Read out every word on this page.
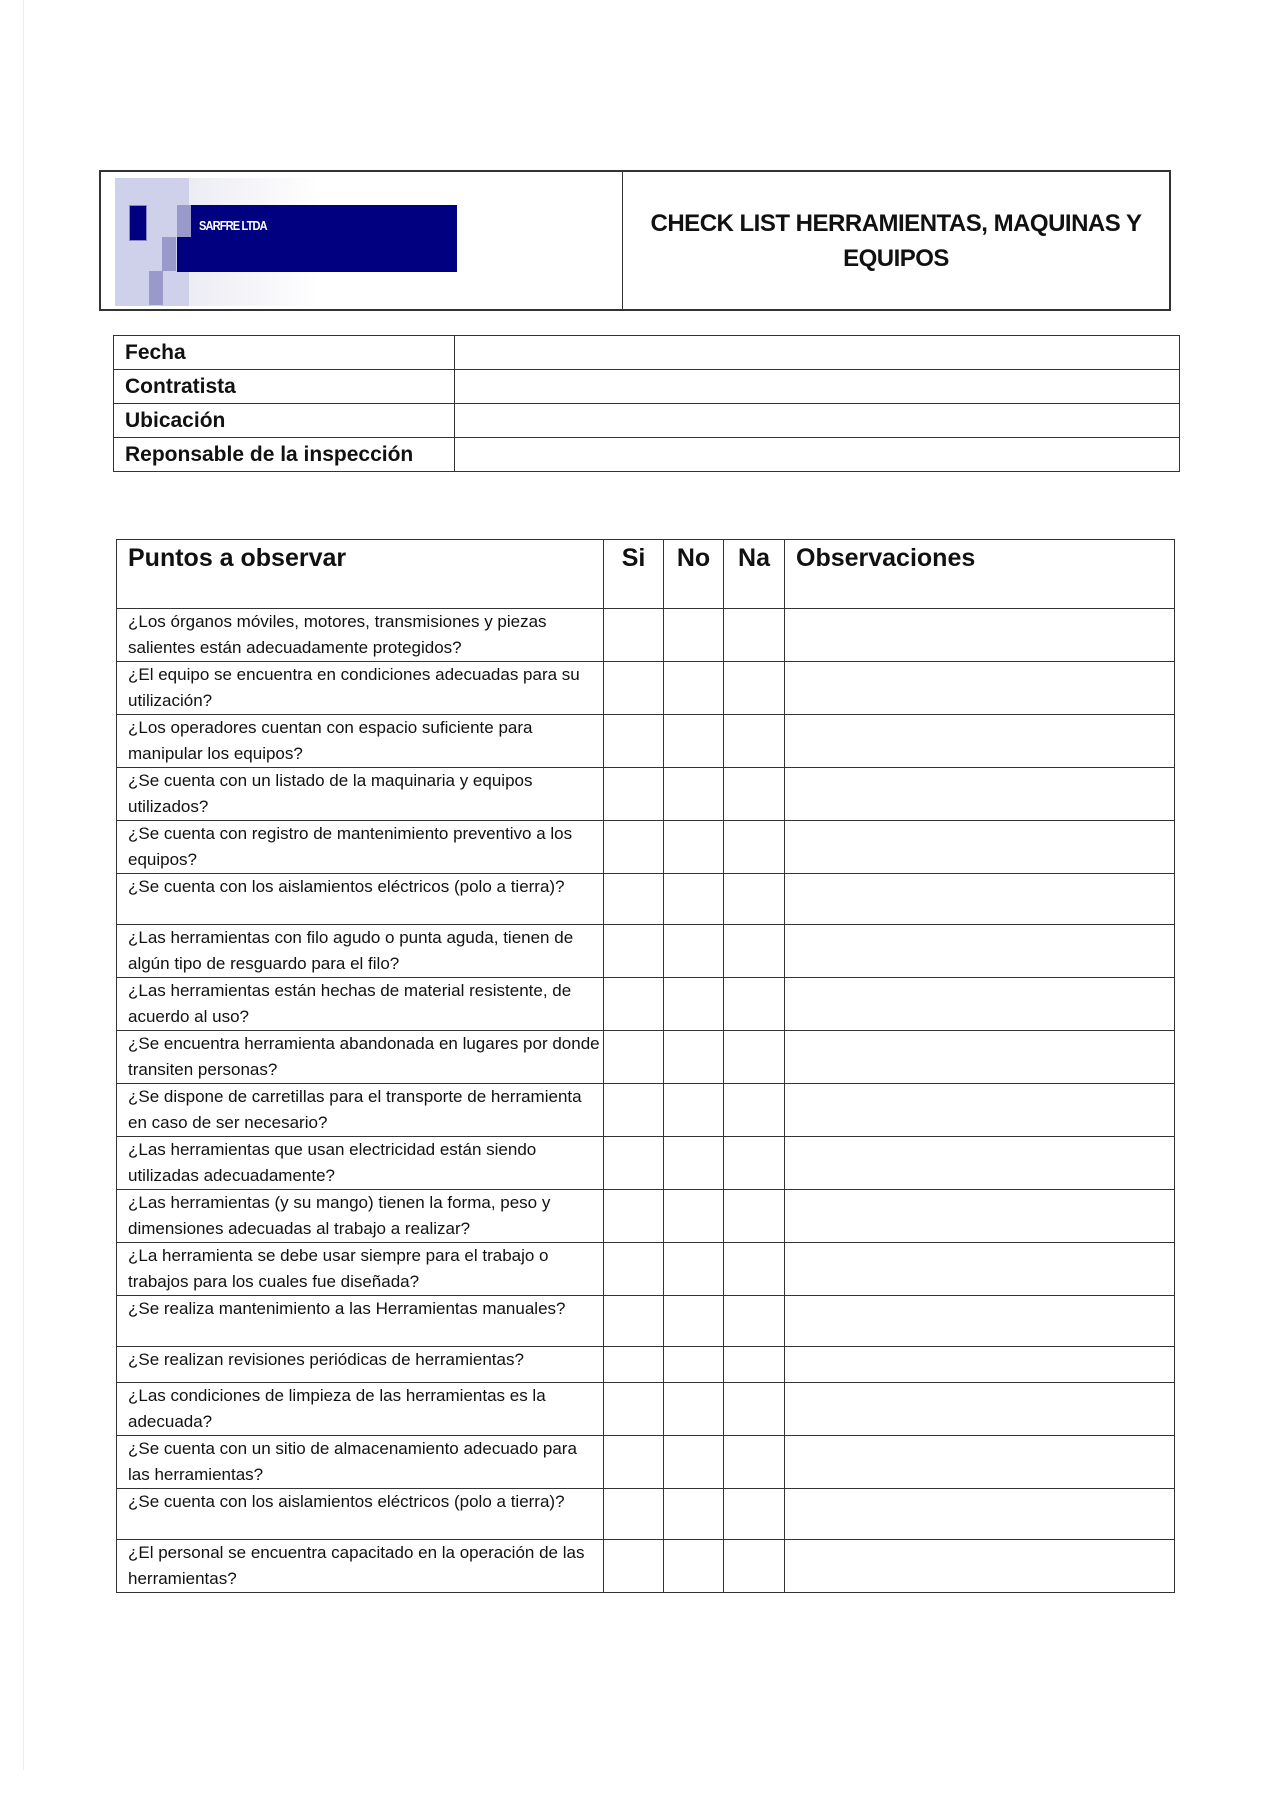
SARFRE LTDA	CHECK LIST HERRAMIENTAS, MAQUINAS Y EQUIPOS
Fecha	
Contratista	
Ubicación	
Reponsable de la inspección	
Puntos a observar	Si	No	Na	Observaciones
¿Los órganos móviles, motores, transmisiones y piezas salientes están adecuadamente protegidos?				
¿El equipo se encuentra en condiciones adecuadas para su utilización?				
¿Los operadores cuentan con espacio suficiente para manipular los equipos?				
¿Se cuenta con un listado de la maquinaria y equipos utilizados?				
¿Se cuenta con registro de mantenimiento preventivo a los equipos?				
¿Se cuenta con los aislamientos eléctricos (polo a tierra)?				
¿Las herramientas con filo agudo o punta aguda, tienen de algún tipo de resguardo para el filo?				
¿Las herramientas están hechas de material resistente, de acuerdo al uso?				
¿Se encuentra herramienta abandonada en lugares por donde transiten personas?				
¿Se dispone de carretillas para el transporte de herramienta en caso de ser necesario?				
¿Las herramientas que usan electricidad están siendo utilizadas adecuadamente?				
¿Las herramientas (y su mango) tienen la forma, peso y dimensiones adecuadas al trabajo a realizar?				
¿La herramienta se debe usar siempre para el trabajo o trabajos para los cuales fue diseñada?				
¿Se realiza mantenimiento a las Herramientas manuales?				
¿Se realizan revisiones periódicas de herramientas?				
¿Las condiciones de limpieza de las herramientas es la adecuada?				
¿Se cuenta con un sitio de almacenamiento adecuado para las herramientas?				
¿Se cuenta con los aislamientos eléctricos (polo a tierra)?				
¿El personal se encuentra capacitado en la operación de las herramientas?				
